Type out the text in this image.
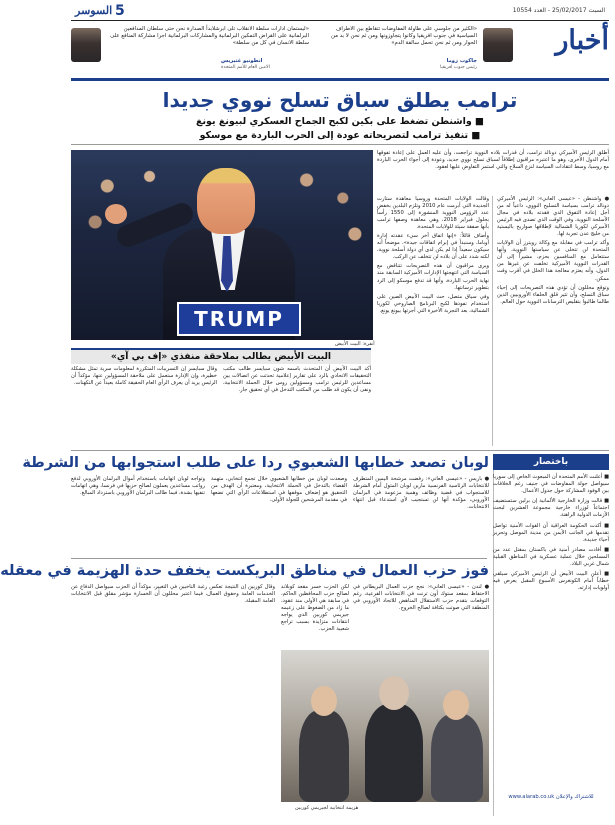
السوسر 5	السبت 25/02/2017 - العدد 10554
أخبار
«الكثير من جلوسي على طاولة المفاوضات تتقاطع بين الاطراف السياسية في جنوب افريقيا وكانوا يتجاوزونها ومن ثم نحن لا بد من الحوار ومن ثم نحن تحمل سالفة الدم»
جاكوب زوما
رئيس جنوب افريقيا
«ليستمان ادارات سلطة الانقلاب تلى ابرشلابدأ الصدارة نحن حتى سلطان المدافعين البرلمانية على القراض التمكين البرلمانية والمشاركات البرلمانية اجرا مشاركة المنافع على سلطة الانسان في كل من سلطة»
انطونيو غتيريس
الامين العام للأمم المتحدة
ترامب يطلق سباق تسلح نووي جديدا
■ واشنطن تضغط على بكين لكبح الجماح العسكري لبيونغ يونغ
■ تنفيذ ترامب لتصريحاته عودة إلى الحرب الباردة مع موسكو
أطلق الرئيس الأميركي دونالد ترامب، أن قدرات بلاده النووية تراجعت، وأن عليه العمل على إعادة تفوقها أمام الدول الأخرى، وهو ما اعتبره مراقبون إطلاقاً لسباق تسلح نووي جديد، وعودة إلى أجواء الحرب الباردة مع روسيا، وسط انتقادات السياسة لنزع السلاح والتي استمر التفاوض عليها لعقود.

● واشنطن - «عيسى العاني»: الرئيس الأميركي دونالد ترامب بسياسة التسليح النووي، داعياً له من أجل إعادة التفوق الذي فقدته بلاده في مجال الأسلحة النووية، وفي الوقت الذي تصدى فيه الرئيس الأميركي لكوريا الشمالية لإطلاقها صواريخ باليستية من خليج عدن تجربة لها.

وأكد ترامب في مقابلة مع وكالة رويترز أن الولايات المتحدة لن تتخلى عن سياستها النووية، وأنها ستتعامل مع المنافسين بحزم، مشيراً إلى أن القدرات النووية الأميركية تخلفت عن غيرها من الدول، وأنه يعتزم معالجة هذا الخلل في أقرب وقت ممكن.

وتوقع محللون أن تؤدي هذه التصريحات إلى إحياء سباق التسلح، وأن تثير قلق الحلفاء الأوروبيين الذين طالما طالبوا بتقليص الترسانات النووية حول العالم.

وقالت الولايات المتحدة وروسيا معاهدة ستارت الجديدة التي أبرمت عام 2010 وتلزم البلدين بخفض عدد الرؤوس النووية المنشورة إلى 1550 رأساً بحلول فبراير 2018، وهي معاهدة وصفها ترامب بأنها صفقة سيئة للولايات المتحدة.

وأضاف قائلاً: «إنها اتفاق آخر سيء عقدته إدارة أوباما، وسنبدأ في إبرام اتفاقات جيدة»، موضحاً أنه سيكون سعيداً إذا لم يكن لدى أي دولة أسلحة نووية، لكنه شدد على أن بلاده لن تتخلف عن الركب.

ويرى مراقبون أن هذه التصريحات تتناقض مع السياسة التي انتهجتها الإدارات الأميركية السابقة منذ نهاية الحرب الباردة، وأنها قد تدفع موسكو إلى الرد بتطوير ترسانتها.

وفي سياق متصل، حث البيت الأبيض الصين على استخدام نفوذها لكبح البرنامج الصاروخي لكوريا الشمالية، بعد التجربة الأخيرة التي أجرتها بيونغ يونغ.

TRUMP
أنقرة: البيت الأبيض
البيت الأبيض يطالب بملاحقة منفذي «إف بي آي»
أكد البيت الأبيض أن المتحدث باسمه شون سبايسر طالب مكتب التحقيقات الاتحادي بالرد على تقارير إعلامية تحدثت عن اتصالات بين مساعدين للرئيس ترامب ومسؤولين روس خلال الحملة الانتخابية، ونفى أن يكون قد طلب من المكتب التدخل في أي تحقيق جار.
وقال سبايسر إن التسريبات المتكررة لمعلومات سرية تمثل مشكلة خطيرة، وإن الإدارة ستعمل على ملاحقة المسؤولين عنها، مؤكداً أن الرئيس يريد أن يعرف الرأي العام الحقيقة كاملة بعيداً عن التكهنات.
لوبان تصعد خطابها الشعبوي ردا على طلب استجوابها من الشرطة
● باريس - «عيسى العاني»: رفضت مرشحة اليمين المتطرف للانتخابات الرئاسية الفرنسية مارين لوبان المثول أمام الشرطة للاستجواب في قضية وظائف وهمية مزعومة في البرلمان الأوروبي، مؤكدة أنها لن تستجيب لأي استدعاء قبل انتهاء الانتخابات.
وصعدت لوبان من خطابها الشعبوي خلال تجمع انتخابي، متهمة القضاء بالتدخل في الحملة الانتخابية، ومعتبرة أن الهدف من التحقيق هو إضعاف موقفها في استطلاعات الرأي التي تضعها في مقدمة المرشحين للجولة الأولى.
وتواجه لوبان اتهامات باستخدام أموال البرلمان الأوروبي لدفع رواتب مساعدين يعملون لصالح حزبها في فرنسا، وهي اتهامات تنفيها بشدة، فيما طالب البرلمان الأوروبي باسترداد المبالغ.
باختصار

■ أعلنت الأمم المتحدة أن المبعوث الخاص إلى سوريا سيواصل جولة المفاوضات في جنيف رغم الخلافات بين الوفود المشاركة حول جدول الأعمال.

■ قالت وزارة الخارجية الألمانية إن برلين ستستضيف اجتماعاً لوزراء خارجية مجموعة العشرين لبحث الأزمات الدولية الراهنة.

■ أكدت الحكومة العراقية أن القوات الأمنية تواصل تقدمها في الجانب الأيمن من مدينة الموصل وتحرير أحياء جديدة.

■ أفادت مصادر أمنية في باكستان بمقتل عدد من المسلحين خلال عملية عسكرية في المناطق القبلية شمال غربي البلاد.

■ أعلن البيت الأبيض أن الرئيس الأميركي سيلقي خطاباً أمام الكونغرس الأسبوع المقبل يعرض فيه أولويات إدارته.

للاشتراك والإعلان www.alarab.co.uk
فوز حزب العمال في مناطق البريكست يخفف حدة الهزيمة في معقله
● لندن - «عيسى العاني»: نجح حزب العمال البريطاني في الاحتفاظ بمقعد ستوك أون ترنت في الانتخابات الفرعية، رغم التوقعات بتقدم حزب الاستقلال المناهض للاتحاد الأوروبي في المنطقة التي صوتت بكثافة لصالح الخروج.
لكن الحزب خسر مقعد كوبلاند لصالح حزب المحافظين الحاكم، في سابقة هي الأولى منذ عقود، ما زاد من الضغوط على زعيمه جيريمي كوربين الذي يواجه انتقادات متزايدة بسبب تراجع شعبية الحزب.
وقال كوربين إن النتيجة تعكس رغبة الناخبين في التغيير، مؤكداً أن الحزب سيواصل الدفاع عن الخدمات العامة وحقوق العمال، فيما اعتبر محللون أن الخسارة مؤشر مقلق قبل الانتخابات العامة المقبلة.
هزيمة انتخابية لجيريمي كوربين
